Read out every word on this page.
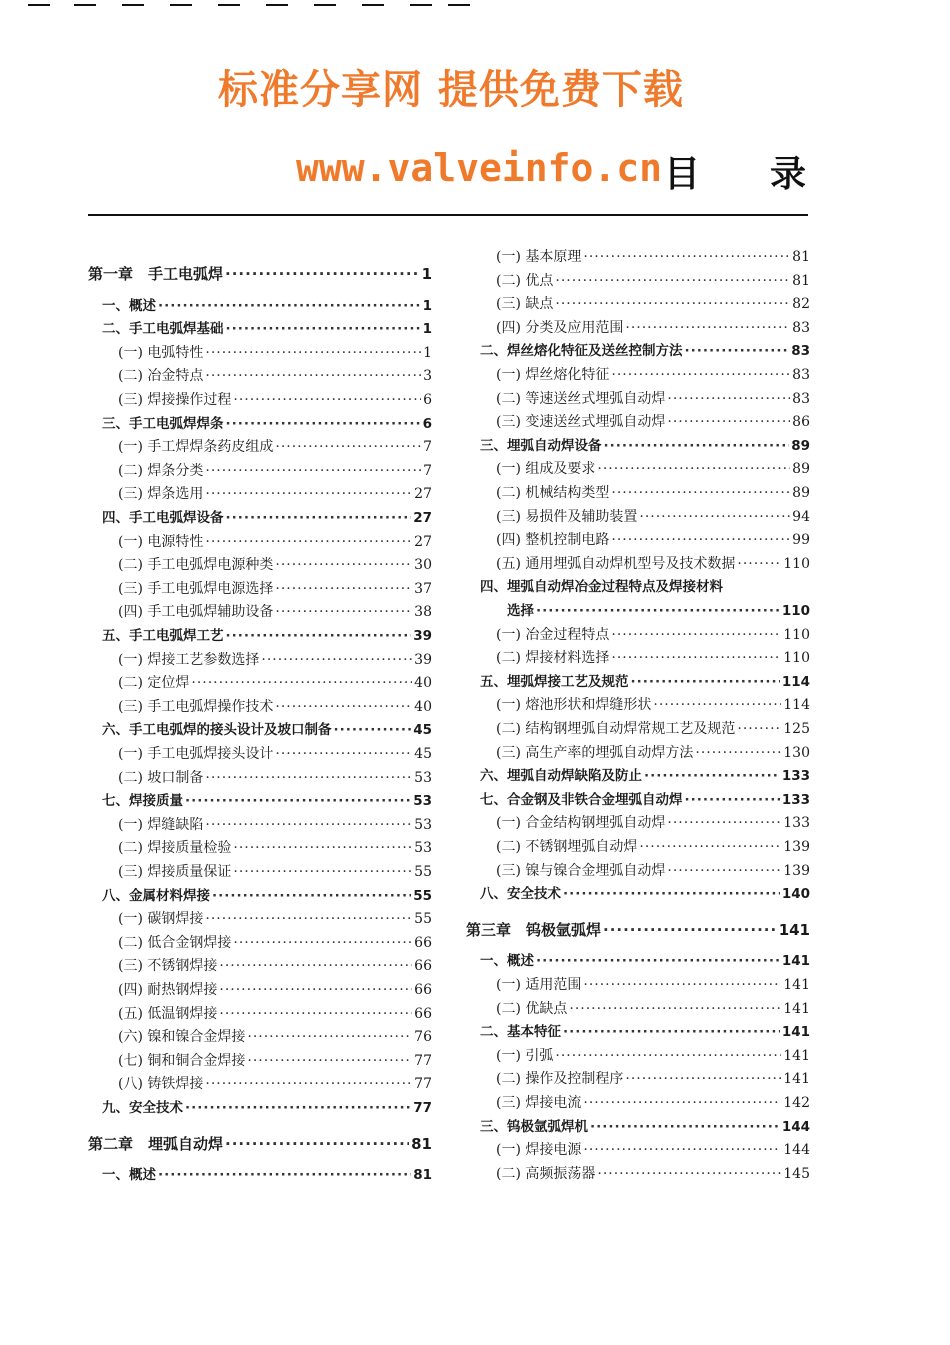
标准分享网 提供免费下载
www.valveinfo.cn 目录
第一章　手工电弧焊 ·····	1
一、概述 ·····	1
二、手工电弧焊基础 ·····	1
(一) 电弧特性 ·····	1
(二) 冶金特点 ·····	3
(三) 焊接操作过程 ·····	6
三、手工电弧焊焊条 ·····	6
(一) 手工焊焊条药皮组成 ·····	7
(二) 焊条分类 ·····	7
(三) 焊条选用 ·····	27
四、手工电弧焊设备 ·····	27
(一) 电源特性 ·····	27
(二) 手工电弧焊电源种类 ·····	30
(三) 手工电弧焊电源选择 ·····	37
(四) 手工电弧焊辅助设备 ·····	38
五、手工电弧焊工艺 ·····	39
(一) 焊接工艺参数选择 ·····	39
(二) 定位焊 ·····	40
(三) 手工电弧焊操作技术 ·····	40
六、手工电弧焊的接头设计及坡口制备 ·····	45
(一) 手工电弧焊接头设计 ·····	45
(二) 坡口制备 ·····	53
七、焊接质量 ·····	53
(一) 焊缝缺陷 ·····	53
(二) 焊接质量检验 ·····	53
(三) 焊接质量保证 ·····	55
八、金属材料焊接 ·····	55
(一) 碳钢焊接 ·····	55
(二) 低合金钢焊接 ·····	66
(三) 不锈钢焊接 ·····	66
(四) 耐热钢焊接 ·····	66
(五) 低温钢焊接 ·····	66
(六) 镍和镍合金焊接 ·····	76
(七) 铜和铜合金焊接 ·····	77
(八) 铸铁焊接 ·····	77
九、安全技术 ·····	77
第二章　埋弧自动焊 ·····	81
一、概述 ·····	81
(一) 基本原理 ·····	81
(二) 优点 ·····	81
(三) 缺点 ·····	82
(四) 分类及应用范围 ·····	83
二、焊丝熔化特征及送丝控制方法 ·····	83
(一) 焊丝熔化特征 ·····	83
(二) 等速送丝式埋弧自动焊 ·····	83
(三) 变速送丝式埋弧自动焊 ·····	86
三、埋弧自动焊设备 ·····	89
(一) 组成及要求 ·····	89
(二) 机械结构类型 ·····	89
(三) 易损件及辅助装置 ·····	94
(四) 整机控制电路 ·····	99
(五) 通用埋弧自动焊机型号及技术数据 ·····	110
四、埋弧自动焊冶金过程特点及焊接材料
　　选择 ·····	110
(一) 冶金过程特点 ·····	110
(二) 焊接材料选择 ·····	110
五、埋弧焊接工艺及规范 ·····	114
(一) 熔池形状和焊缝形状 ·····	114
(二) 结构钢埋弧自动焊常规工艺及规范 ·····	125
(三) 高生产率的埋弧自动焊方法 ·····	130
六、埋弧自动焊缺陷及防止 ·····	133
七、合金钢及非铁合金埋弧自动焊 ·····	133
(一) 合金结构钢埋弧自动焊 ·····	133
(二) 不锈钢埋弧自动焊 ·····	139
(三) 镍与镍合金埋弧自动焊 ·····	139
八、安全技术 ·····	140
第三章　钨极氩弧焊 ·····	141
一、概述 ·····	141
(一) 适用范围 ·····	141
(二) 优缺点 ·····	141
二、基本特征 ·····	141
(一) 引弧 ·····	141
(二) 操作及控制程序 ·····	141
(三) 焊接电流 ·····	142
三、钨极氩弧焊机 ·····	144
(一) 焊接电源 ·····	144
(二) 高频振荡器 ·····	145
